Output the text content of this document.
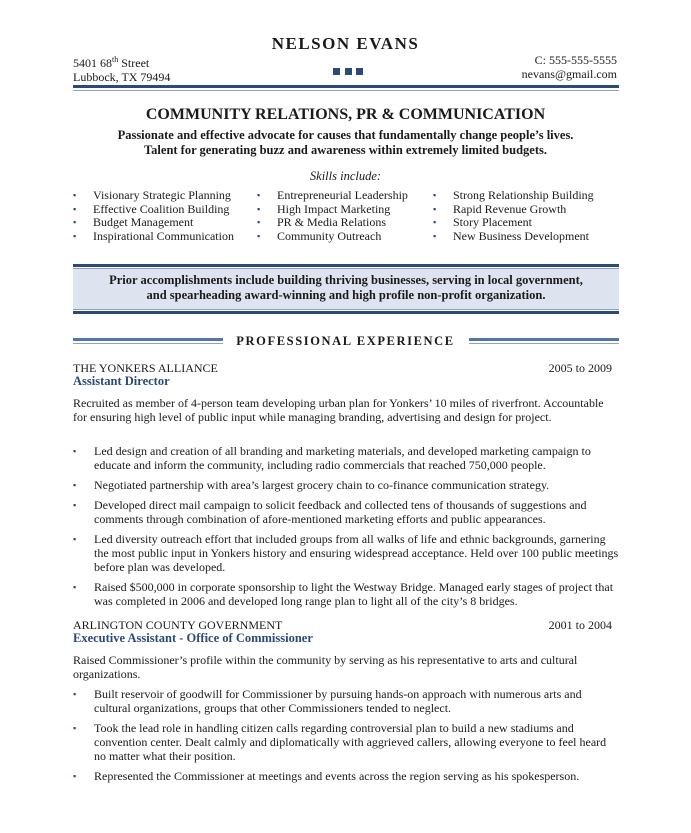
NELSON EVANS
5401 68th Street
Lubbock, TX 79494
C: 555-555-5555
nevans@gmail.com
COMMUNITY RELATIONS, PR & COMMUNICATION
Passionate and effective advocate for causes that fundamentally change people’s lives.
Talent for generating buzz and awareness within extremely limited budgets.
Skills include:
▪ Visionary Strategic Planning
▪ Effective Coalition Building
▪ Budget Management
▪ Inspirational Communication
▪ Entrepreneurial Leadership
▪ High Impact Marketing
▪ PR & Media Relations
▪ Community Outreach
▪ Strong Relationship Building
▪ Rapid Revenue Growth
▪ Story Placement
▪ New Business Development
Prior accomplishments include building thriving businesses, serving in local government,
and spearheading award-winning and high profile non-profit organization.
PROFESSIONAL EXPERIENCE
THE YONKERS ALLIANCE	2005 to 2009
Assistant Director
Recruited as member of 4-person team developing urban plan for Yonkers’ 10 miles of riverfront. Accountable for ensuring high level of public input while managing branding, advertising and design for project.
▪ Led design and creation of all branding and marketing materials, and developed marketing campaign to educate and inform the community, including radio commercials that reached 750,000 people.
▪ Negotiated partnership with area’s largest grocery chain to co-finance communication strategy.
▪ Developed direct mail campaign to solicit feedback and collected tens of thousands of suggestions and comments through combination of afore-mentioned marketing efforts and public appearances.
▪ Led diversity outreach effort that included groups from all walks of life and ethnic backgrounds, garnering the most public input in Yonkers history and ensuring widespread acceptance. Held over 100 public meetings before plan was developed.
▪ Raised $500,000 in corporate sponsorship to light the Westway Bridge. Managed early stages of project that was completed in 2006 and developed long range plan to light all of the city’s 8 bridges.
ARLINGTON COUNTY GOVERNMENT	2001 to 2004
Executive Assistant - Office of Commissioner
Raised Commissioner’s profile within the community by serving as his representative to arts and cultural organizations.
▪ Built reservoir of goodwill for Commissioner by pursuing hands-on approach with numerous arts and cultural organizations, groups that other Commissioners tended to neglect.
▪ Took the lead role in handling citizen calls regarding controversial plan to build a new stadiums and convention center. Dealt calmly and diplomatically with aggrieved callers, allowing everyone to feel heard no matter what their position.
▪ Represented the Commissioner at meetings and events across the region serving as his spokesperson.
